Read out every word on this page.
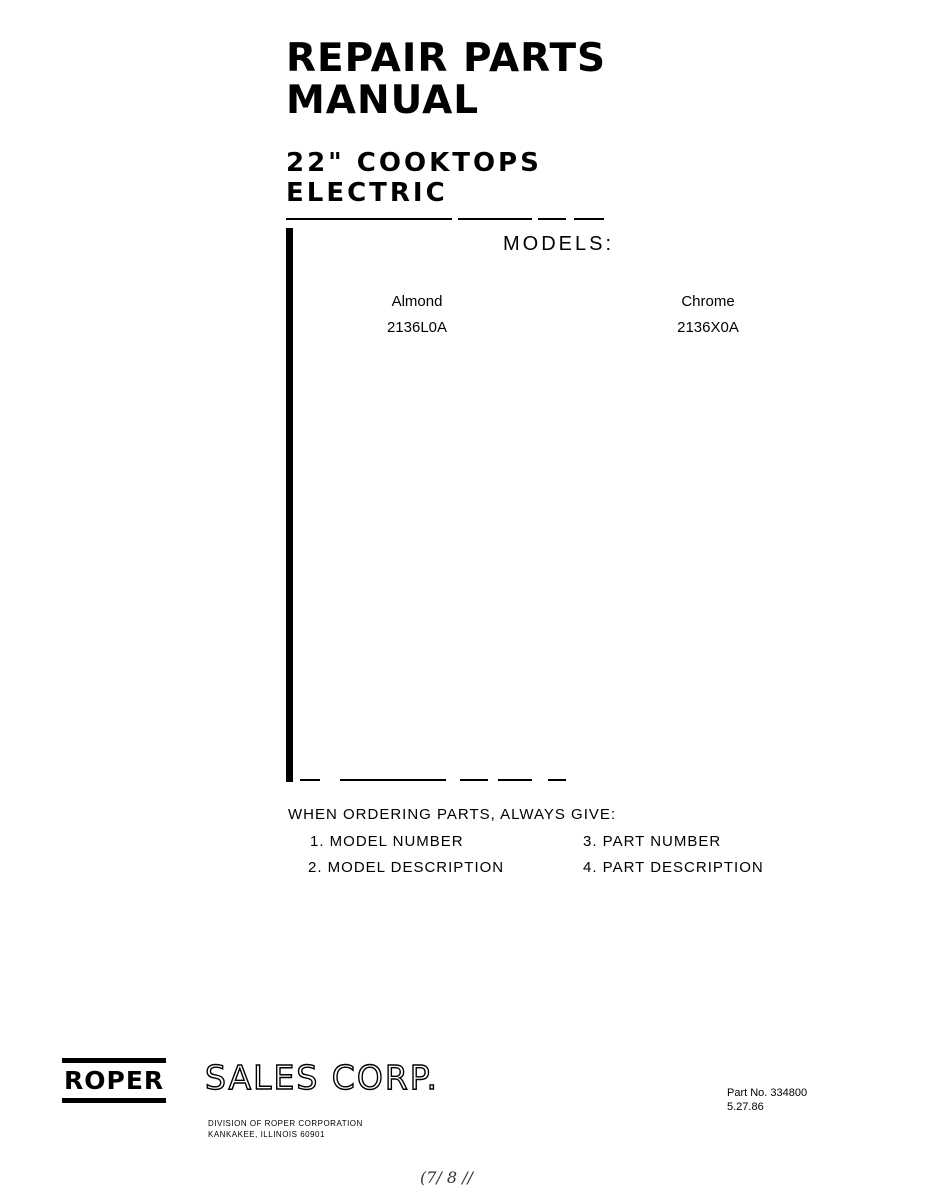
REPAIR PARTS
MANUAL
22" COOKTOPS
ELECTRIC
MODELS:
Almond
2136L0A
Chrome
2136X0A
WHEN ORDERING PARTS, ALWAYS GIVE:
1. MODEL NUMBER
2. MODEL DESCRIPTION
3. PART NUMBER
4. PART DESCRIPTION
ROPER SALES CORP.
DIVISION OF ROPER CORPORATION
KANKAKEE, ILLINOIS 60901
Part No. 334800
5.27.86
(7/ 8 //
